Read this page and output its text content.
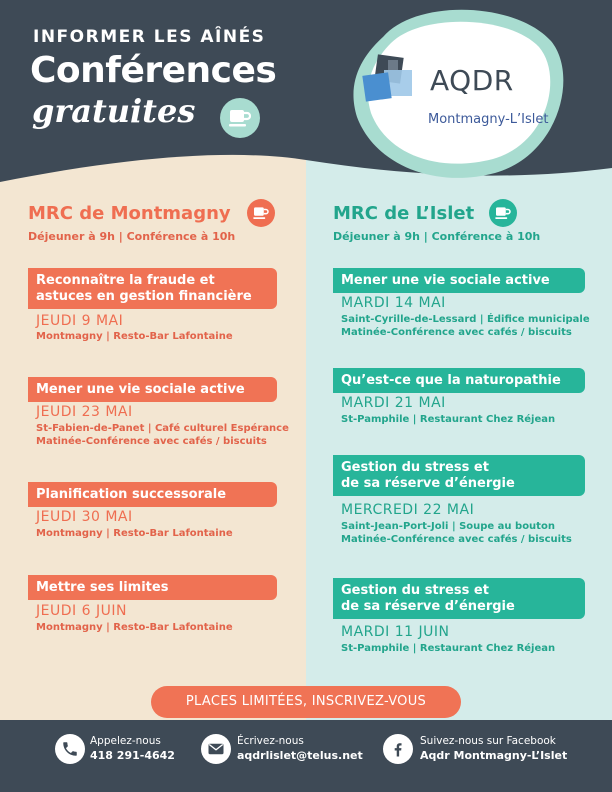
INFORMER LES AÎNÉS
Conférences
gratuites
AQDR
Montmagny-L’Islet
MRC de Montmagny
Déjeuner à 9h | Conférence à 10h
Reconnaître la fraude et
astuces en gestion financière
JEUDI 9 MAI
Montmagny | Resto-Bar Lafontaine
Mener une vie sociale active
JEUDI 23 MAI
St-Fabien-de-Panet | Café culturel Espérance
Matinée-Conférence avec cafés / biscuits
Planification successorale
JEUDI 30 MAI
Montmagny | Resto-Bar Lafontaine
Mettre ses limites
JEUDI 6 JUIN
Montmagny | Resto-Bar Lafontaine
MRC de L’Islet
Déjeuner à 9h | Conférence à 10h
Mener une vie sociale active
MARDI 14 MAI
Saint-Cyrille-de-Lessard | Édifice municipale
Matinée-Conférence avec cafés / biscuits
Qu’est-ce que la naturopathie
MARDI 21 MAI
St-Pamphile | Restaurant Chez Réjean
Gestion du stress et
de sa réserve d’énergie
MERCREDI 22 MAI
Saint-Jean-Port-Joli | Soupe au bouton
Matinée-Conférence avec cafés / biscuits
Gestion du stress et
de sa réserve d’énergie
MARDI 11 JUIN
St-Pamphile | Restaurant Chez Réjean
PLACES LIMITÉES, INSCRIVEZ-VOUS
Appelez-nous
418 291-4642
Écrivez-nous
aqdrlislet@telus.net
Suivez-nous sur Facebook
Aqdr Montmagny-L’Islet
